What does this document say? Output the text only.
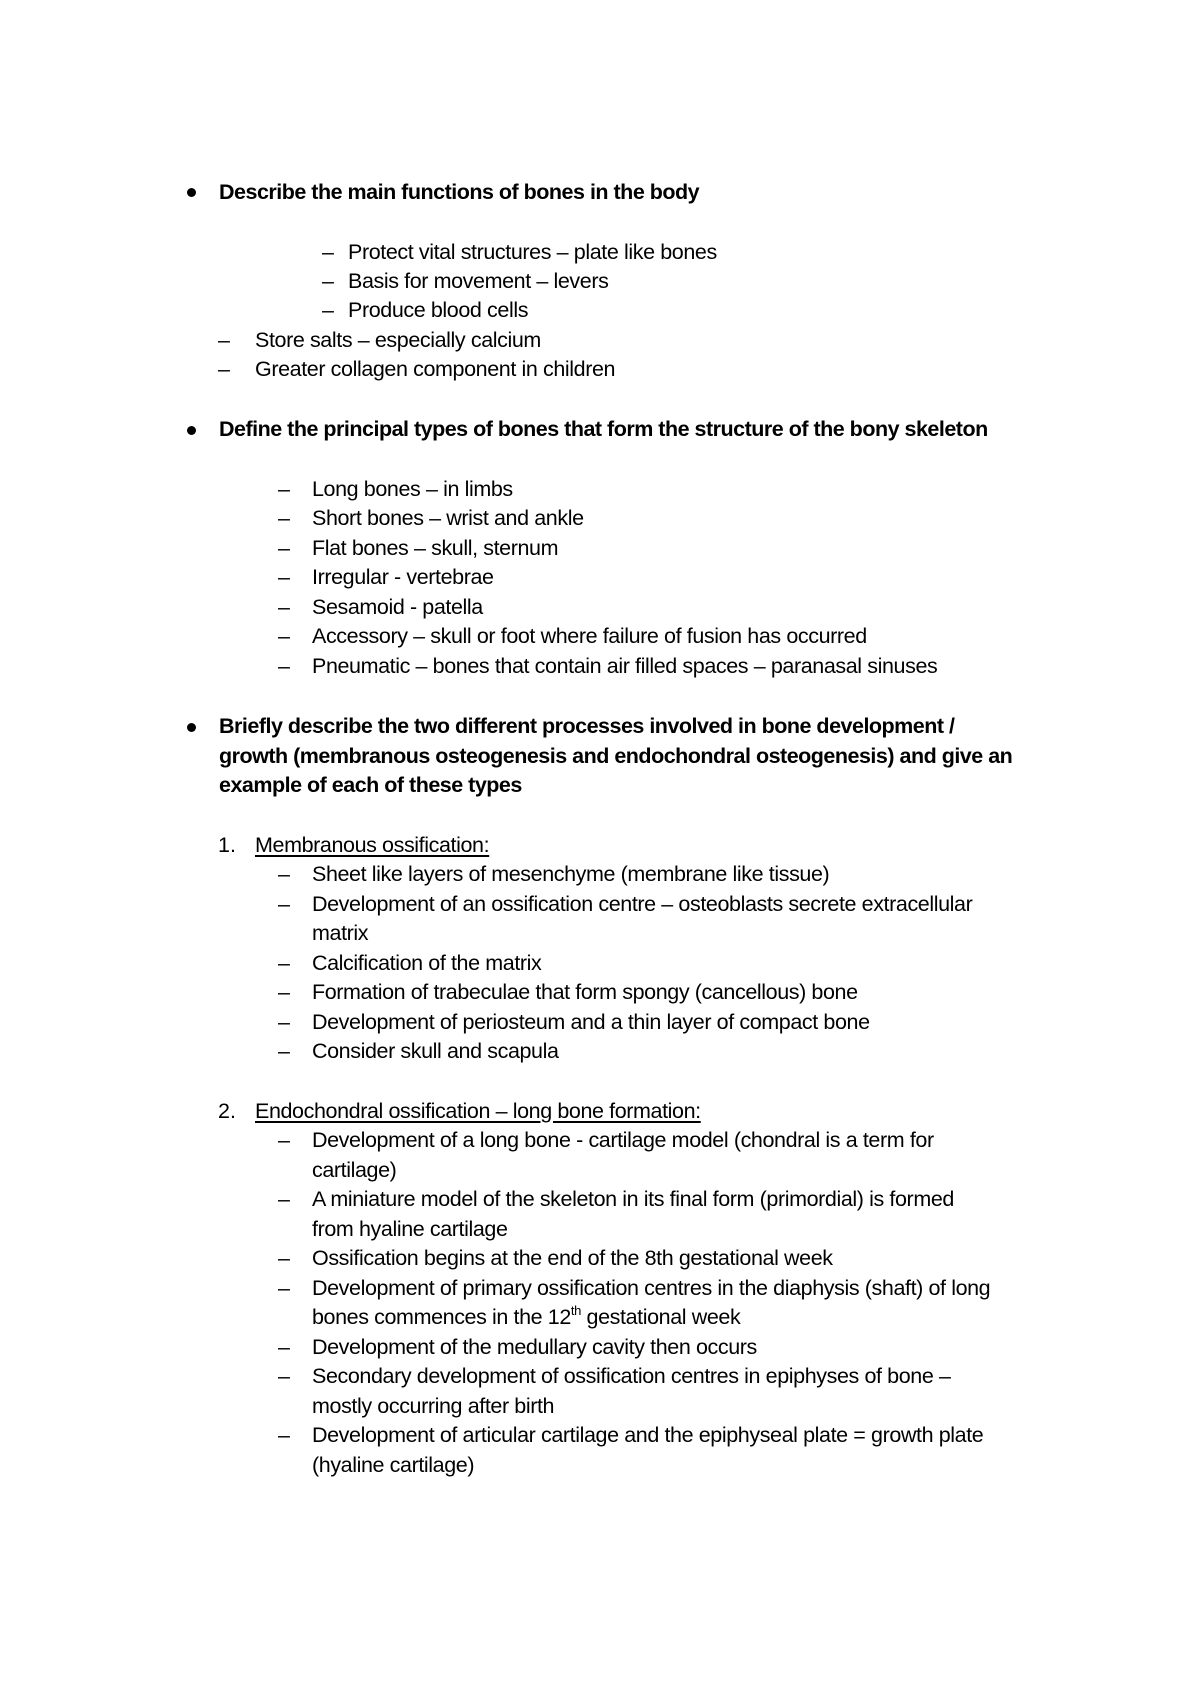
Describe the main functions of bones in the body
– Protect vital structures – plate like bones
– Basis for movement – levers
– Produce blood cells
– Store salts – especially calcium
– Greater collagen component in children
Define the principal types of bones that form the structure of the bony skeleton
– Long bones – in limbs
– Short bones – wrist and ankle
– Flat bones – skull, sternum
– Irregular - vertebrae
– Sesamoid - patella
– Accessory – skull or foot where failure of fusion has occurred
– Pneumatic – bones that contain air filled spaces – paranasal sinuses
Briefly describe the two different processes involved in bone development /
growth (membranous osteogenesis and endochondral osteogenesis) and give an
example of each of these types
1. Membranous ossification:
– Sheet like layers of mesenchyme (membrane like tissue)
– Development of an ossification centre – osteoblasts secrete extracellular
matrix
– Calcification of the matrix
– Formation of trabeculae that form spongy (cancellous) bone
– Development of periosteum and a thin layer of compact bone
– Consider skull and scapula
2. Endochondral ossification – long bone formation:
– Development of a long bone - cartilage model (chondral is a term for
cartilage)
– A miniature model of the skeleton in its final form (primordial) is formed
from hyaline cartilage
– Ossification begins at the end of the 8th gestational week
– Development of primary ossification centres in the diaphysis (shaft) of long
bones commences in the 12th gestational week
– Development of the medullary cavity then occurs
– Secondary development of ossification centres in epiphyses of bone –
mostly occurring after birth
– Development of articular cartilage and the epiphyseal plate = growth plate
(hyaline cartilage)
